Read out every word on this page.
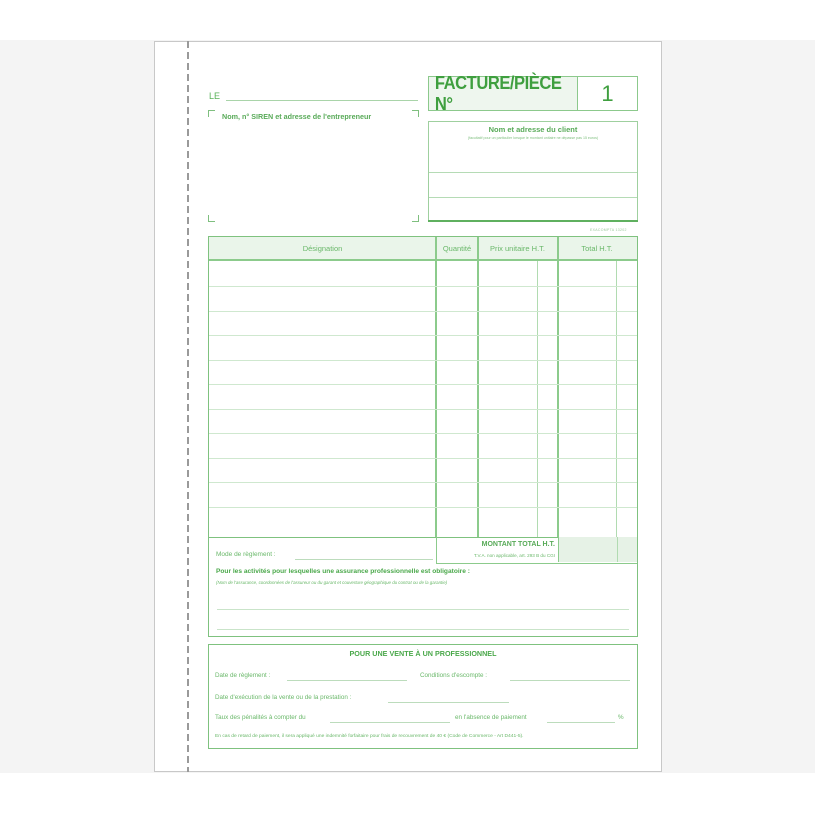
LE
Nom, n° SIREN et adresse de l'entrepreneur
FACTURE/PIÈCE N°	1
Nom et adresse du client
(facultatif pour un particulier lorsque le montant unitaire ne dépasse pas 15 euros)
EXACOMPTA 13202
Désignation	Quantité	Prix unitaire H.T.	Total H.T.
Mode de règlement :
MONTANT TOTAL H.T.
T.V.A. non applicable, art. 293 B du CGI
Pour les activités pour lesquelles une assurance professionnelle est obligatoire :
(Nom de l'assurance, coordonnées de l'assureur ou du garant et couverture géographique du contrat ou de la garantie)
POUR UNE VENTE À UN PROFESSIONNEL
Date de règlement :	Conditions d'escompte :
Date d'exécution de la vente ou de la prestation :
Taux des pénalités à compter du	en l'absence de paiement	%
En cas de retard de paiement, il sera appliqué une indemnité forfaitaire pour frais de recouvrement de 40 € (Code de Commerce - Art D441-5).
